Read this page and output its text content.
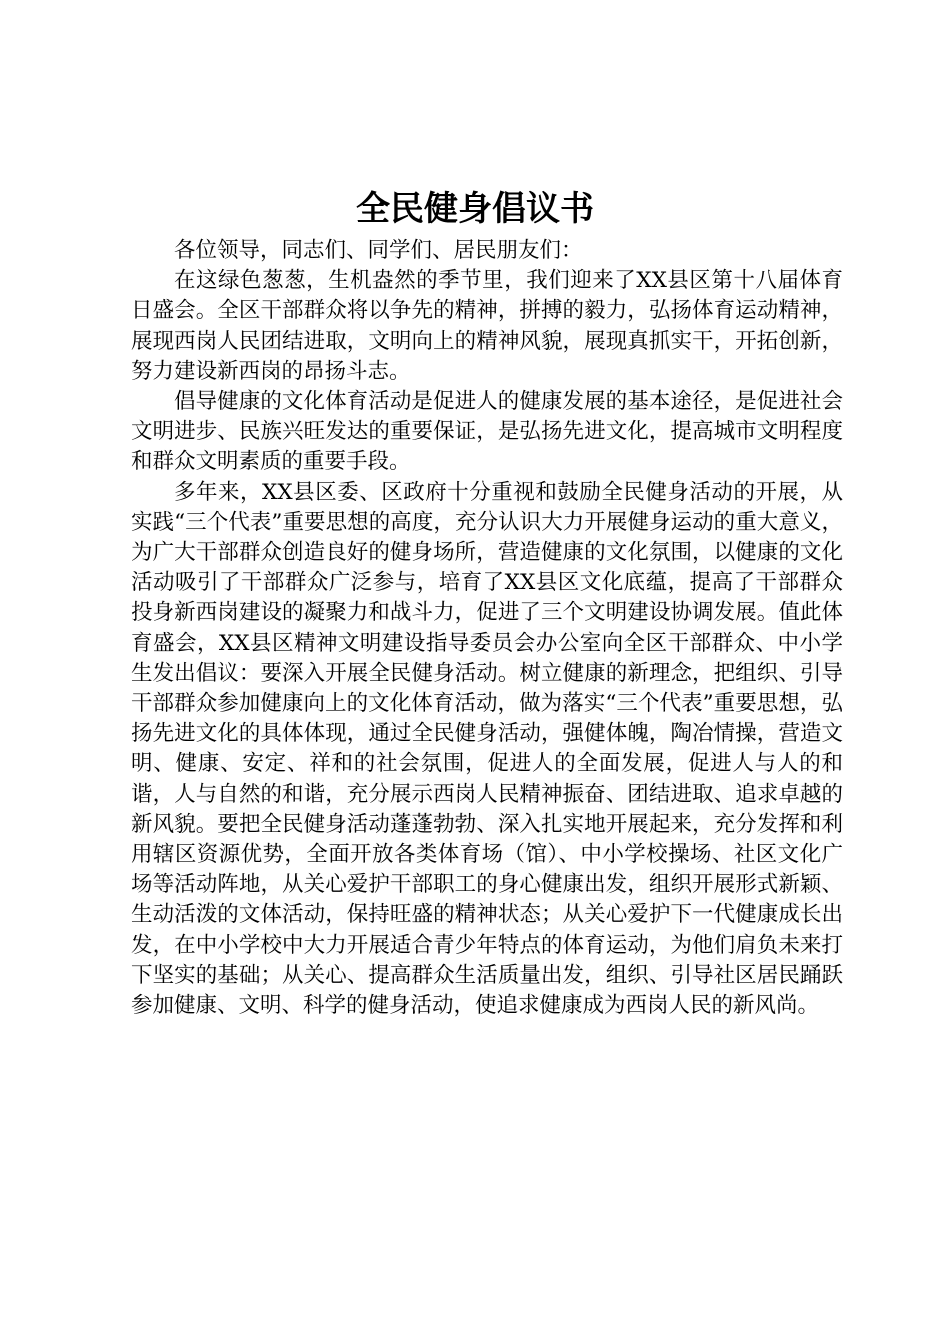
全民健身倡议书

各位领导，同志们、同学们、居民朋友们：

在这绿色葱葱，生机盎然的季节里，我们迎来了XX县区第十八届体育日盛会。全区干部群众将以争先的精神，拼搏的毅力，弘扬体育运动精神，展现西岗人民团结进取，文明向上的精神风貌，展现真抓实干，开拓创新，努力建设新西岗的昂扬斗志。

倡导健康的文化体育活动是促进人的健康发展的基本途径，是促进社会文明进步、民族兴旺发达的重要保证，是弘扬先进文化，提高城市文明程度和群众文明素质的重要手段。

多年来，XX县区委、区政府十分重视和鼓励全民健身活动的开展，从实践“三个代表”重要思想的高度，充分认识大力开展健身运动的重大意义，为广大干部群众创造良好的健身场所，营造健康的文化氛围，以健康的文化活动吸引了干部群众广泛参与，培育了XX县区文化底蕴，提高了干部群众投身新西岗建设的凝聚力和战斗力，促进了三个文明建设协调发展。值此体育盛会，XX县区精神文明建设指导委员会办公室向全区干部群众、中小学生发出倡议：要深入开展全民健身活动。树立健康的新理念，把组织、引导干部群众参加健康向上的文化体育活动，做为落实“三个代表”重要思想，弘扬先进文化的具体体现，通过全民健身活动，强健体魄，陶冶情操，营造文明、健康、安定、祥和的社会氛围，促进人的全面发展，促进人与人的和谐，人与自然的和谐，充分展示西岗人民精神振奋、团结进取、追求卓越的新风貌。要把全民健身活动蓬蓬勃勃、深入扎实地开展起来，充分发挥和利用辖区资源优势，全面开放各类体育场（馆）、中小学校操场、社区文化广场等活动阵地，从关心爱护干部职工的身心健康出发，组织开展形式新颖、生动活泼的文体活动，保持旺盛的精神状态；从关心爱护下一代健康成长出发，在中小学校中大力开展适合青少年特点的体育运动，为他们肩负未来打下坚实的基础；从关心、提高群众生活质量出发，组织、引导社区居民踊跃参加健康、文明、科学的健身活动，使追求健康成为西岗人民的新风尚。
